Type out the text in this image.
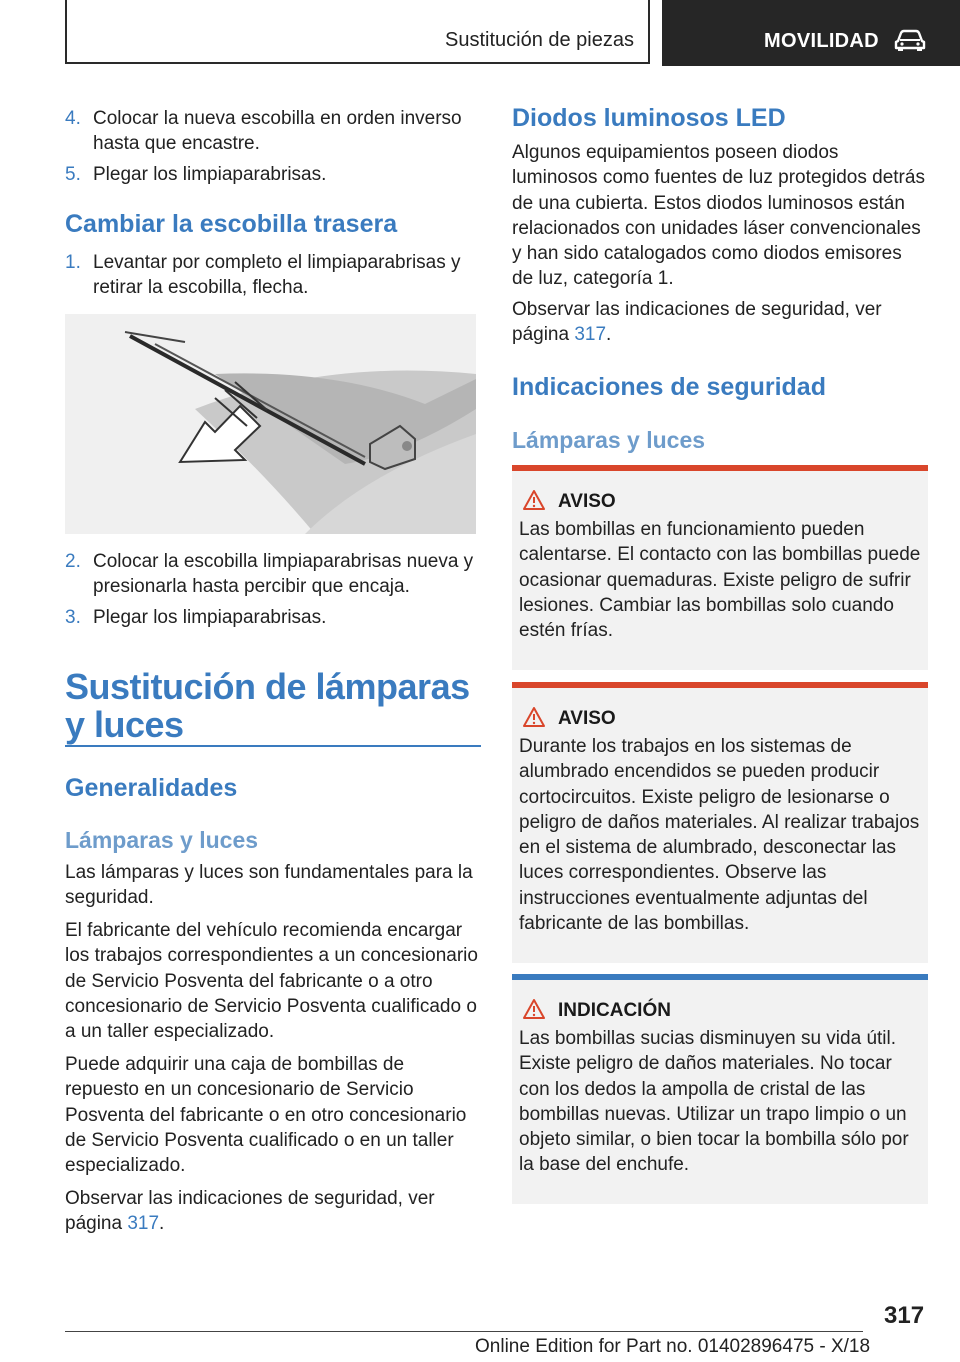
Sustitución de piezas	MOVILIDAD
4. Colocar la nueva escobilla en orden inverso hasta que encastre.
5. Plegar los limpiaparabrisas.
Cambiar la escobilla trasera
1. Levantar por completo el limpiaparabrisas y retirar la escobilla, flecha.
2. Colocar la escobilla limpiaparabrisas nueva y presionarla hasta percibir que encaja.
3. Plegar los limpiaparabrisas.
Sustitución de lámparas y luces
Generalidades
Lámparas y luces
Las lámparas y luces son fundamentales para la seguridad.
El fabricante del vehículo recomienda encargar los trabajos correspondientes a un concesionario de Servicio Posventa del fabricante o a otro concesionario de Servicio Posventa cualificado o a un taller especializado.
Puede adquirir una caja de bombillas de repuesto en un concesionario de Servicio Posventa del fabricante o en otro concesionario de Servicio Posventa cualificado o en un taller especializado.
Observar las indicaciones de seguridad, ver página 317.
Diodos luminosos LED
Algunos equipamientos poseen diodos luminosos como fuentes de luz protegidos detrás de una cubierta. Estos diodos luminosos están relacionados con unidades láser convencionales y han sido catalogados como diodos emisores de luz, categoría 1.
Observar las indicaciones de seguridad, ver página 317.
Indicaciones de seguridad
Lámparas y luces
AVISO
Las bombillas en funcionamiento pueden calentarse. El contacto con las bombillas puede ocasionar quemaduras. Existe peligro de sufrir lesiones. Cambiar las bombillas solo cuando estén frías.
AVISO
Durante los trabajos en los sistemas de alumbrado encendidos se pueden producir cortocircuitos. Existe peligro de lesionarse o peligro de daños materiales. Al realizar trabajos en el sistema de alumbrado, desconectar las luces correspondientes. Observe las instrucciones eventualmente adjuntas del fabricante de las bombillas.
INDICACIÓN
Las bombillas sucias disminuyen su vida útil. Existe peligro de daños materiales. No tocar con los dedos la ampolla de cristal de las bombillas nuevas. Utilizar un trapo limpio o un objeto similar, o bien tocar la bombilla sólo por la base del enchufe.
317
Online Edition for Part no. 01402896475 - X/18
